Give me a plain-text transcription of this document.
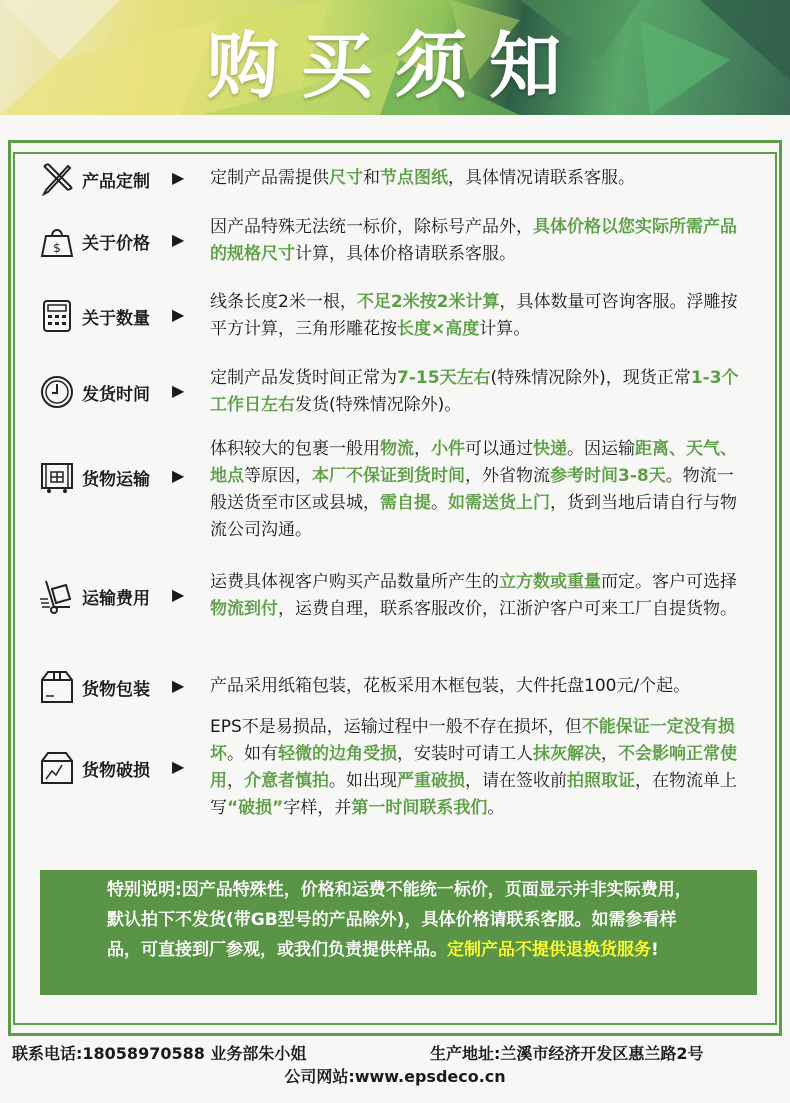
购买须知
产品定制 ▶ 定制产品需提供尺寸和节点图纸，具体情况请联系客服。
$ 关于价格 ▶
因产品特殊无法统一标价，除标号产品外，具体价格以您实际所需产品的规格尺寸计算，具体价格请联系客服。
关于数量 ▶
线条长度2米一根，不足2米按2米计算，具体数量可咨询客服。浮雕按平方计算，三角形雕花按长度×高度计算。
发货时间 ▶
定制产品发货时间正常为7-15天左右(特殊情况除外)，现货正常1-3个工作日左右发货(特殊情况除外)。
货物运输 ▶
体积较大的包裹一般用物流，小件可以通过快递。因运输距离、天气、地点等原因，本厂不保证到货时间，外省物流参考时间3-8天。物流一般送货至市区或县城，需自提。如需送货上门，货到当地后请自行与物流公司沟通。
运输费用 ▶
运费具体视客户购买产品数量所产生的立方数或重量而定。客户可选择物流到付，运费自理，联系客服改价，江浙沪客户可来工厂自提货物。
货物包装 ▶ 产品采用纸箱包装，花板采用木框包装，大件托盘100元/个起。
货物破损 ▶
EPS不是易损品，运输过程中一般不存在损坏，但不能保证一定没有损坏。如有轻微的边角受损，安装时可请工人抹灰解决，不会影响正常使用，介意者慎拍。如出现严重破损，请在签收前拍照取证，在物流单上写“破损”字样，并第一时间联系我们。
特别说明:因产品特殊性，价格和运费不能统一标价，页面显示并非实际费用，默认拍下不发货(带GB型号的产品除外)，具体价格请联系客服。如需参看样品，可直接到厂参观，或我们负责提供样品。定制产品不提供退换货服务!
联系电话:18058970588 业务部朱小姐	生产地址:兰溪市经济开发区惠兰路2号
公司网站:www.epsdeco.cn
